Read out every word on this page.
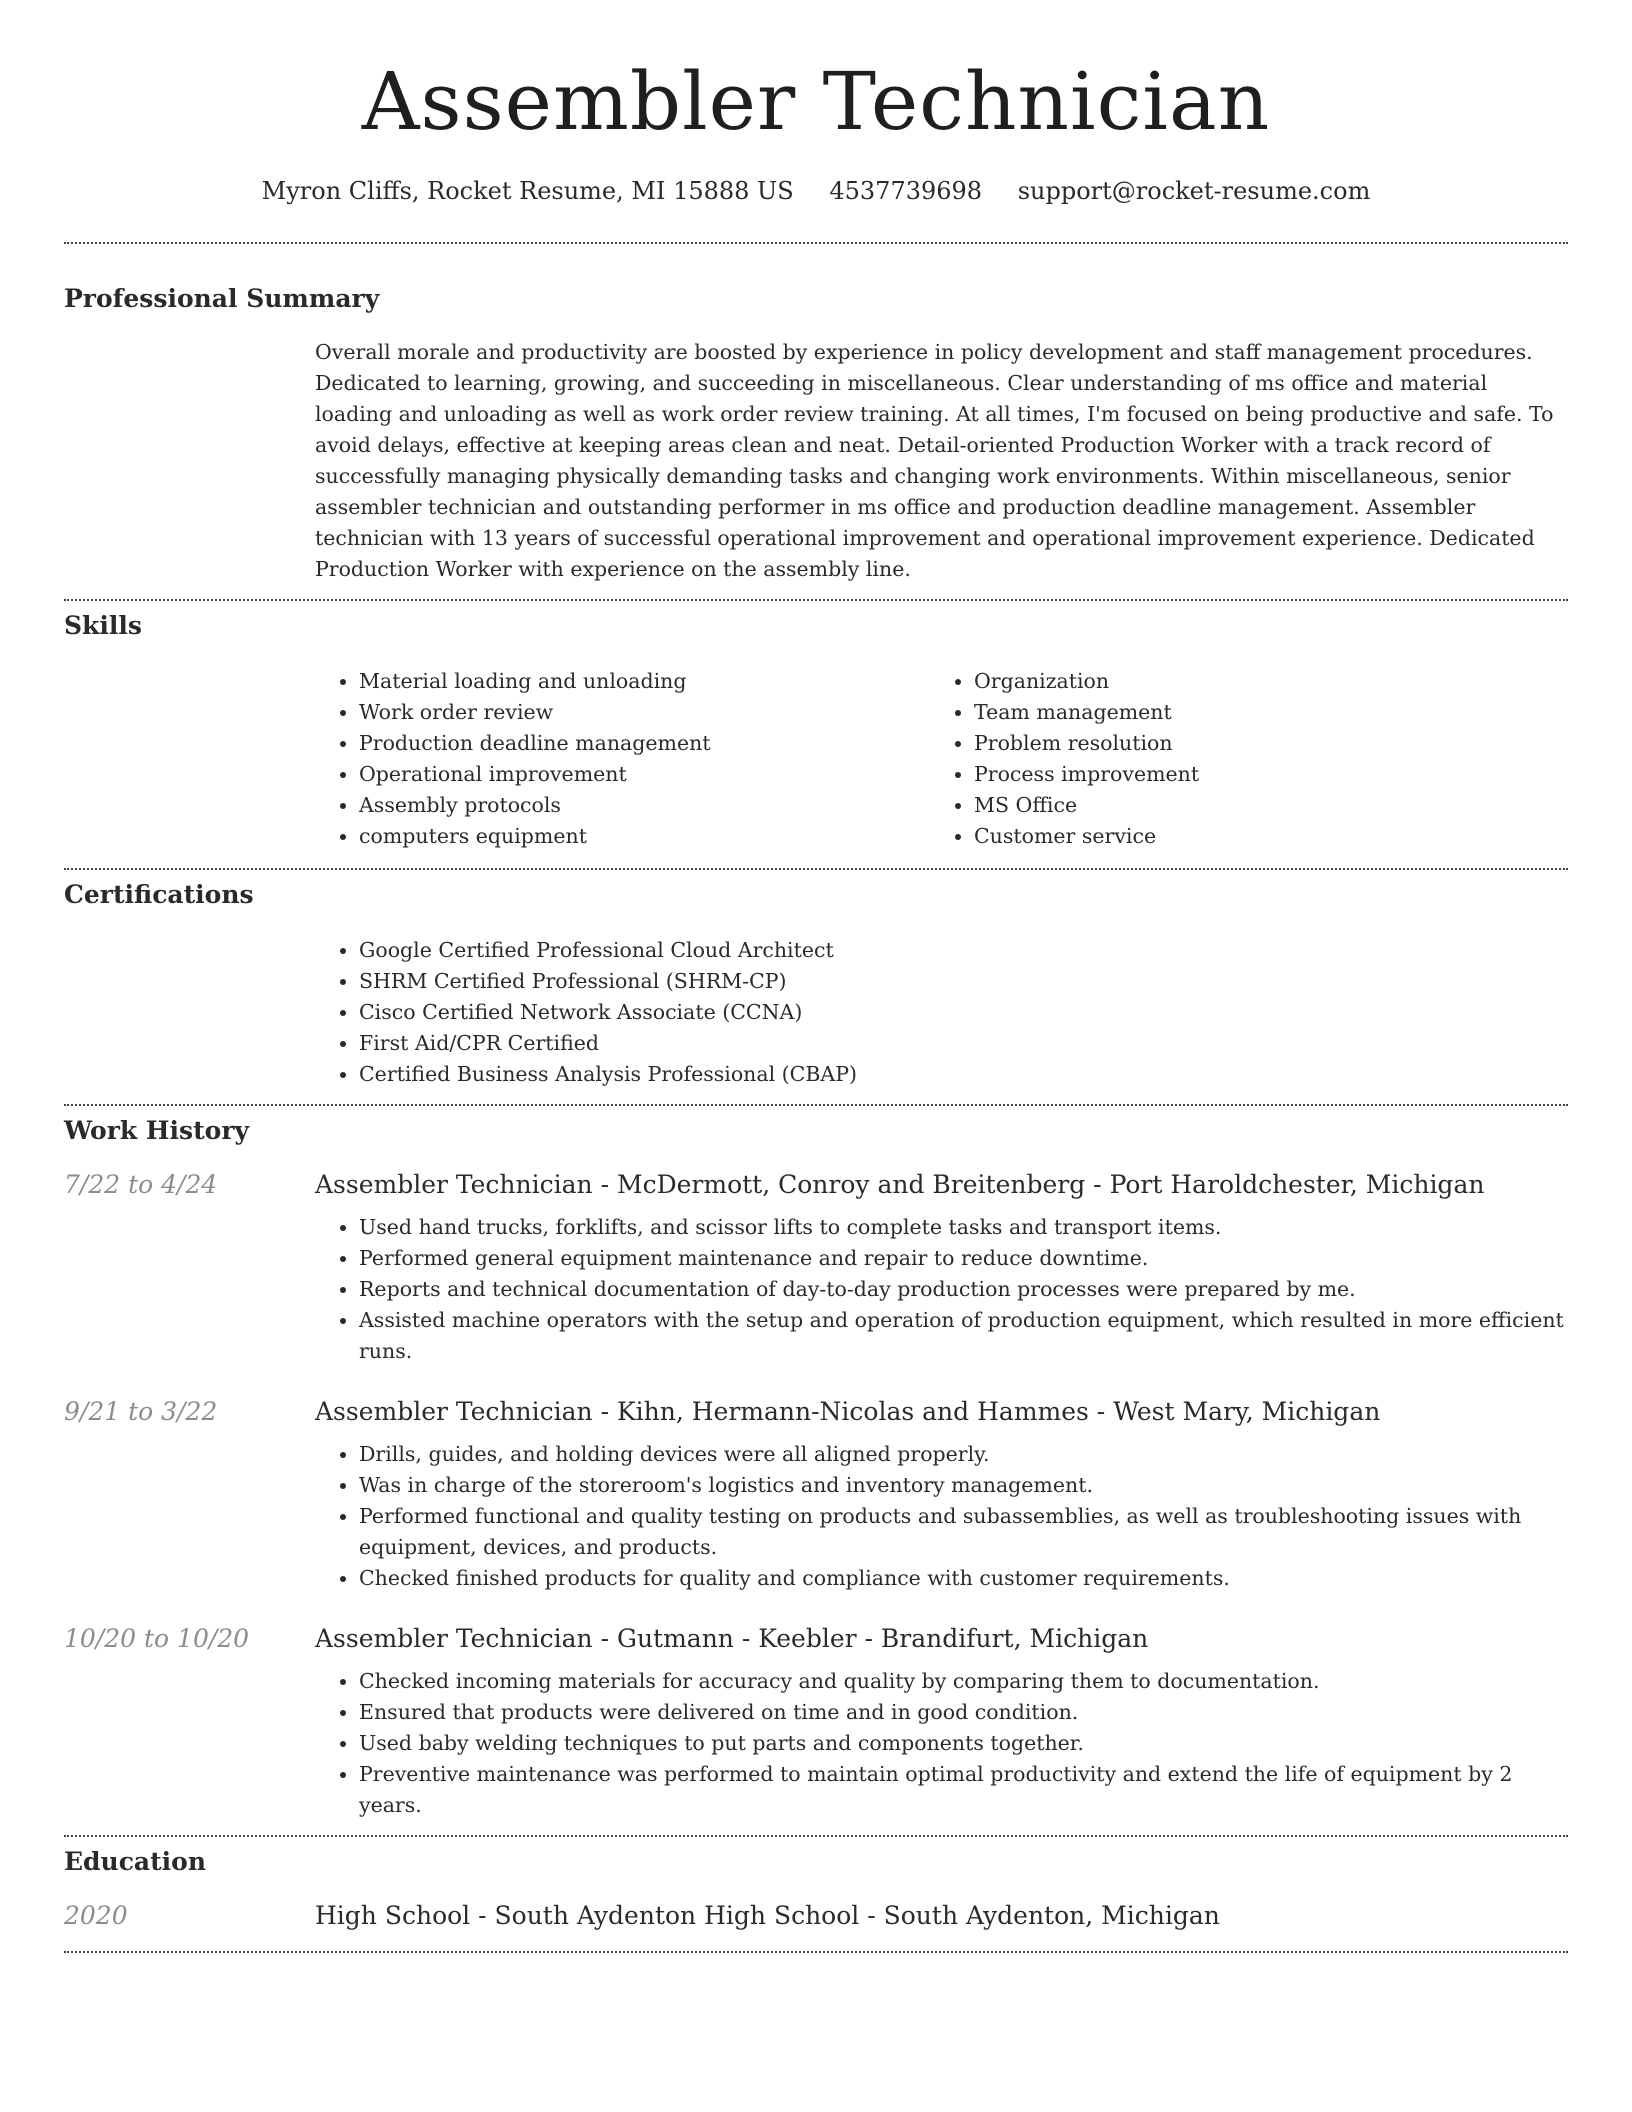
Assembler Technician
Myron Cliffs, Rocket Resume, MI 15888 US 4537739698 support@rocket-resume.com
Professional Summary

Overall morale and productivity are boosted by experience in policy development and staff management procedures. Dedicated to learning, growing, and succeeding in miscellaneous. Clear understanding of ms office and material loading and unloading as well as work order review training. At all times, I'm focused on being productive and safe. To avoid delays, effective at keeping areas clean and neat. Detail-oriented Production Worker with a track record of successfully managing physically demanding tasks and changing work environments. Within miscellaneous, senior assembler technician and outstanding performer in ms office and production deadline management. Assembler technician with 13 years of successful operational improvement and operational improvement experience. Dedicated Production Worker with experience on the assembly line.

Skills
• Material loading and unloading
• Work order review
• Production deadline management
• Operational improvement
• Assembly protocols
• computers equipment
• Organization
• Team management
• Problem resolution
• Process improvement
• MS Office
• Customer service
Certifications
• Google Certified Professional Cloud Architect
• SHRM Certified Professional (SHRM-CP)
• Cisco Certified Network Associate (CCNA)
• First Aid/CPR Certified
• Certified Business Analysis Professional (CBAP)
Work History
7/22 to 4/24	Assembler Technician - McDermott, Conroy and Breitenberg - Port Haroldchester, Michigan
• Used hand trucks, forklifts, and scissor lifts to complete tasks and transport items.
• Performed general equipment maintenance and repair to reduce downtime.
• Reports and technical documentation of day-to-day production processes were prepared by me.
• Assisted machine operators with the setup and operation of production equipment, which resulted in more efficient runs.
9/21 to 3/22	Assembler Technician - Kihn, Hermann-Nicolas and Hammes - West Mary, Michigan
• Drills, guides, and holding devices were all aligned properly.
• Was in charge of the storeroom's logistics and inventory management.
• Performed functional and quality testing on products and subassemblies, as well as troubleshooting issues with equipment, devices, and products.
• Checked finished products for quality and compliance with customer requirements.
10/20 to 10/20	Assembler Technician - Gutmann - Keebler - Brandifurt, Michigan
• Checked incoming materials for accuracy and quality by comparing them to documentation.
• Ensured that products were delivered on time and in good condition.
• Used baby welding techniques to put parts and components together.
• Preventive maintenance was performed to maintain optimal productivity and extend the life of equipment by 2 years.
Education
2020	High School - South Aydenton High School - South Aydenton, Michigan
